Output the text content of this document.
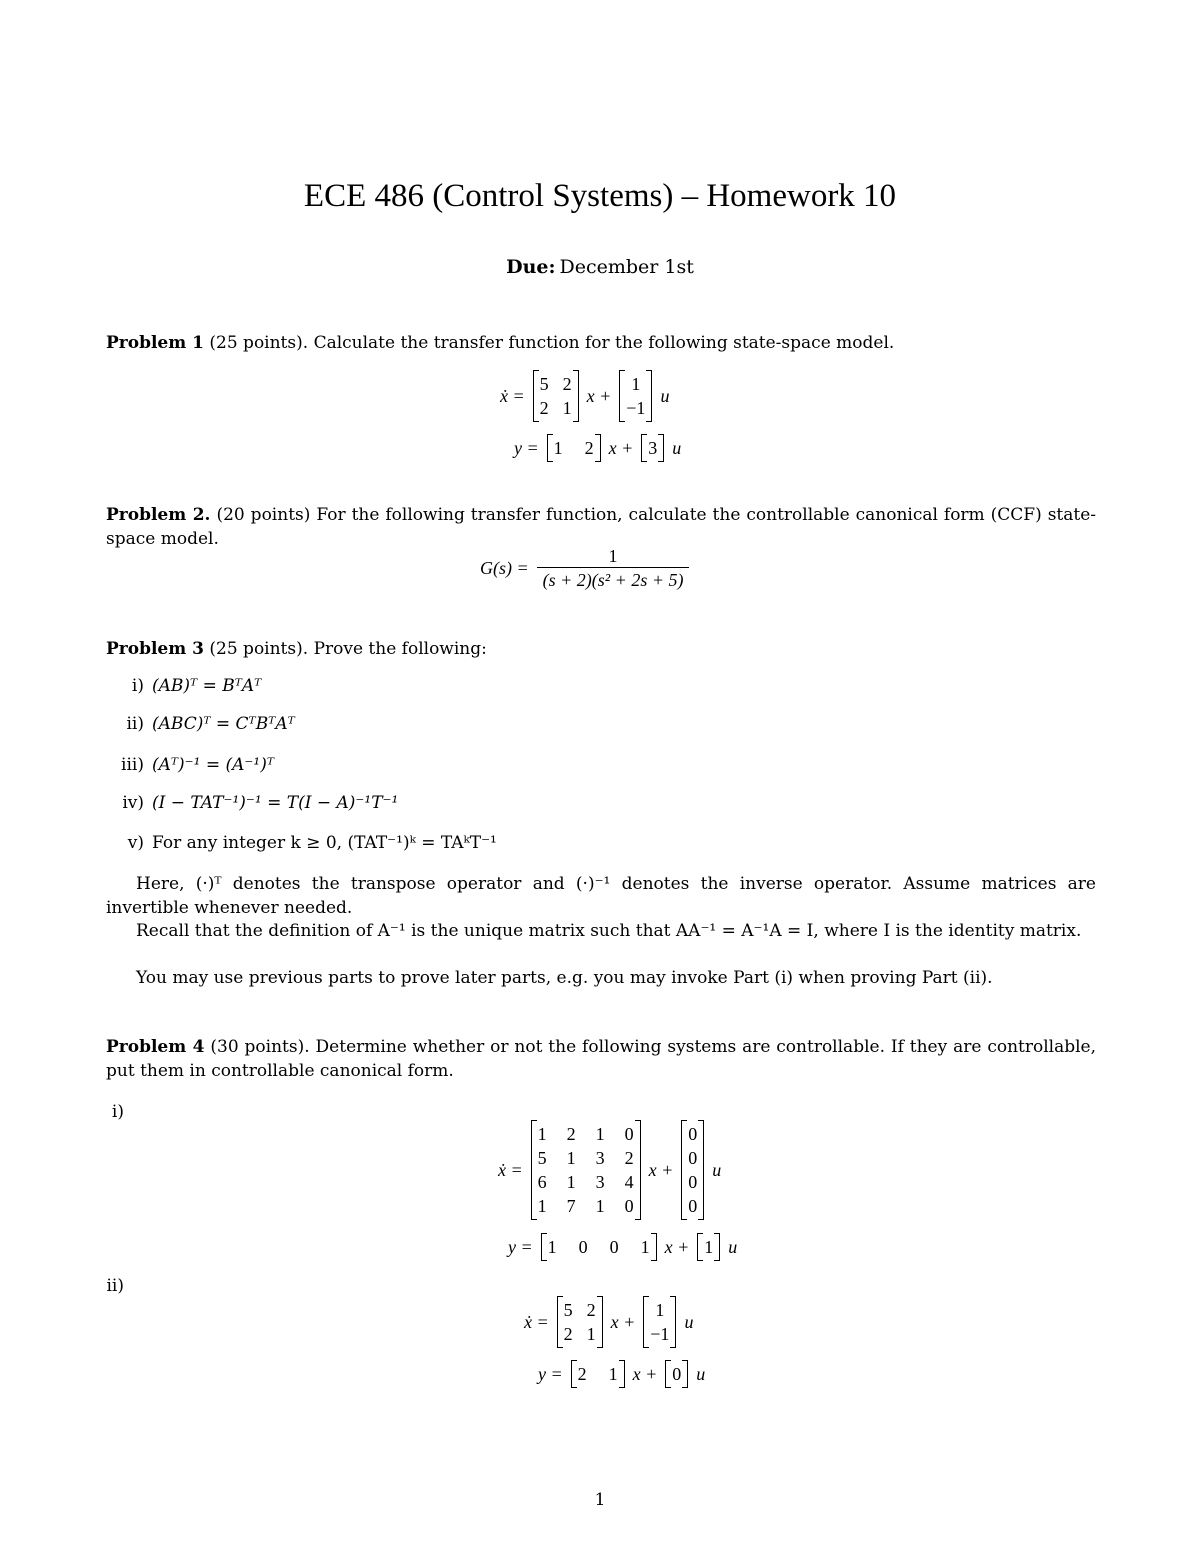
ECE 486 (Control Systems) – Homework 10
Due: December 1st
Problem 1 (25 points). Calculate the transfer function for the following state-space model.
ẋ =
5 2
2 1
x +
1
−1
u
y = 1 2 x + 3 u
Problem 2. (20 points) For the following transfer function, calculate the controllable canonical form (CCF) state-space model.
$G(s) = \frac{1}{\text{(s + 2)(s² + 2s + 5)}}$
Problem 3 (25 points). Prove the following:
i) (AB)ᵀ = BᵀAᵀ
ii) (ABC)ᵀ = CᵀBᵀAᵀ
iii) (Aᵀ)⁻¹ = (A⁻¹)ᵀ
iv) (I − TAT⁻¹)⁻¹ = T(I − A)⁻¹T⁻¹
v) For any integer k ≥ 0, (TAT⁻¹)ᵏ = TAᵏT⁻¹
Here, (·)ᵀ denotes the transpose operator and (·)⁻¹ denotes the inverse operator. Assume matrices are invertible whenever needed.
Recall that the definition of A⁻¹ is the unique matrix such that AA⁻¹ = A⁻¹A = I, where I is the identity matrix.
You may use previous parts to prove later parts, e.g. you may invoke Part (i) when proving Part (ii).
Problem 4 (30 points). Determine whether or not the following systems are controllable. If they are controllable, put them in controllable canonical form.
i)
ẋ =
1 2 1 0
5 1 3 2
6 1 3 4
1 7 1 0
x +
0
0
0
0
u
y = 1 0 0 1 x + 1 u
ii)
ẋ =
5 2
2 1
x +
1
−1
u
y = 2 1 x + 0 u
1
